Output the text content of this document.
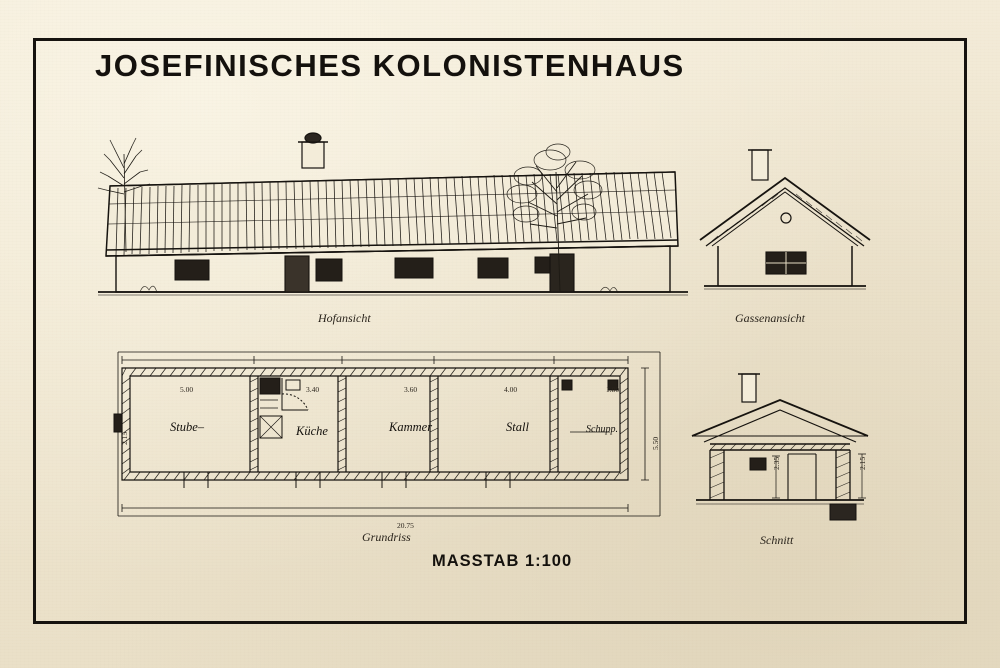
JOSEFINISCHES KOLONISTENHAUS
Hofansicht	Gassenansicht
Stube–	Küche	Kammer	Stall	Schupp.
5.00	3.40	3.60	4.00	1.80
20.75
5.50
2.15
Grundriss
MASSTAB 1:100
2.35	2.15
Schnitt
